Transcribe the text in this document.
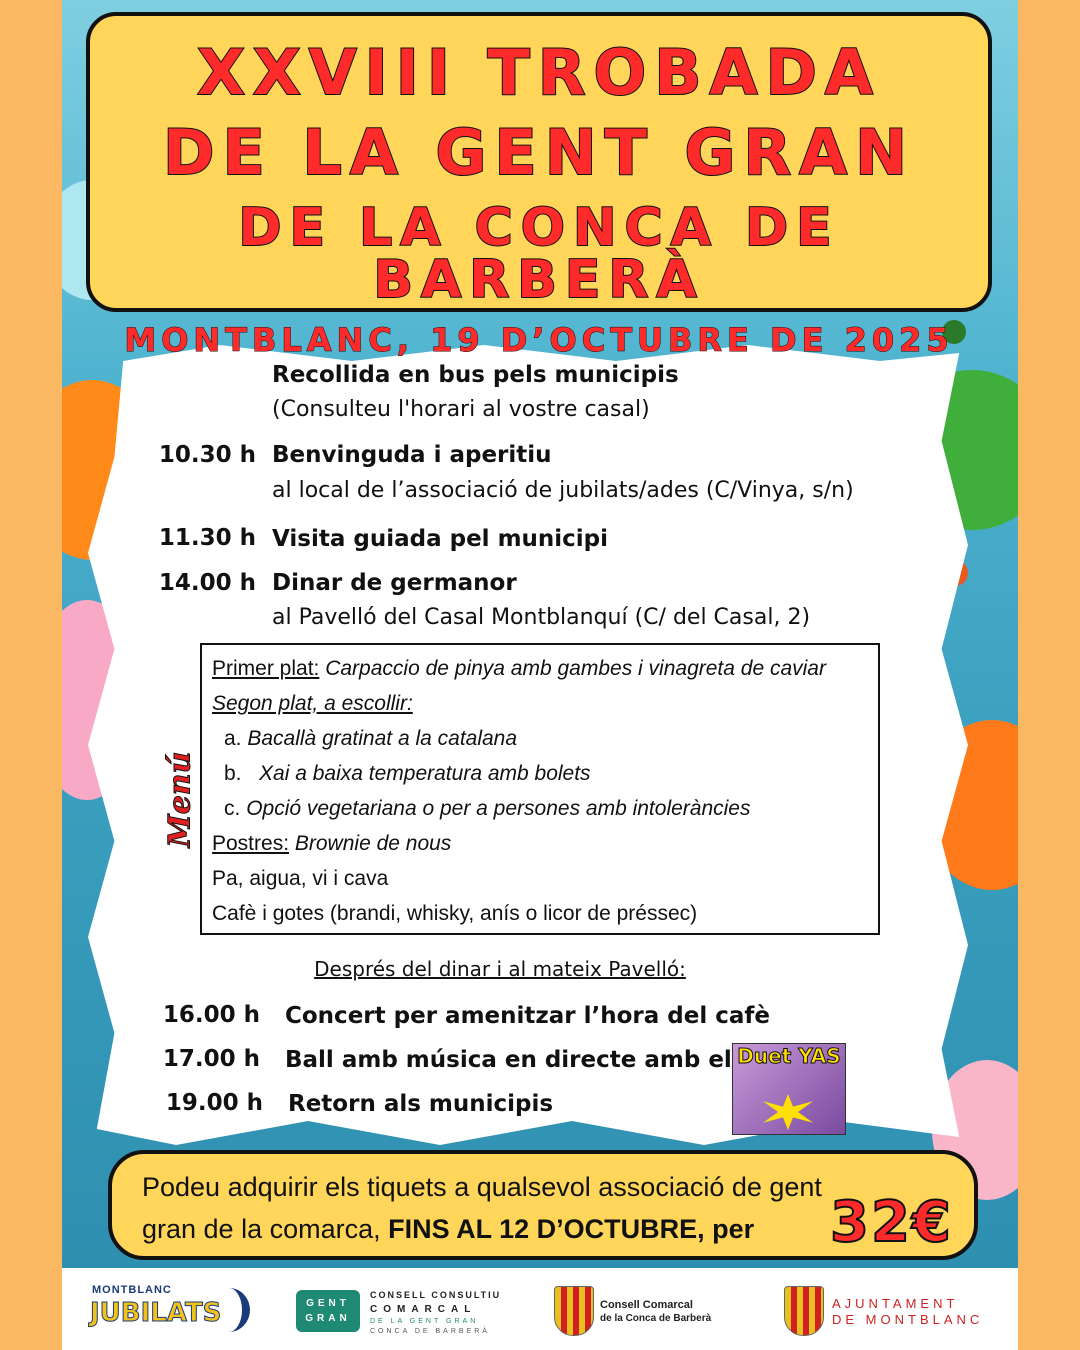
XXVIII TROBADA
DE LA GENT GRAN
DE LA CONCA DE BARBERÀ
MONTBLANC, 19 D’OCTUBRE DE 2025
Recollida en bus pels municipis
(Consulteu l'horari al vostre casal)
10.30 h Benvinguda i aperitiu
al local de l’associació de jubilats/ades (C/Vinya, s/n)
11.30 h Visita guiada pel municipi
14.00 h Dinar de germanor
al Pavelló del Casal Montblanquí (C/ del Casal, 2)
Menú
Primer plat: Carpaccio de pinya amb gambes i vinagreta de caviar
Segon plat, a escollir:
a. Bacallà gratinat a la catalana
b. Xai a baixa temperatura amb bolets
c. Opció vegetariana o per a persones amb intoleràncies
Postres: Brownie de nous
Pa, aigua, vi i cava
Cafè i gotes (brandi, whisky, anís o licor de préssec)
Després del dinar i al mateix Pavelló:
16.00 h Concert per amenitzar l’hora del cafè
17.00 h Ball amb música en directe amb el
19.00 h Retorn als municipis
Duet YAS
Podeu adquirir els tiquets a qualsevol associació de gent
gran de la comarca, FINS AL 12 D’OCTUBRE, per	32€
MONTBLANC
JUBILATS	GENT GRAN
CONSELL CONSULTIU
COMARCAL
DE LA GENT GRAN
CONCA DE BARBERÀ
Consell Comarcal
de la Conca de Barberà
AJUNTAMENT
DE MONTBLANC
